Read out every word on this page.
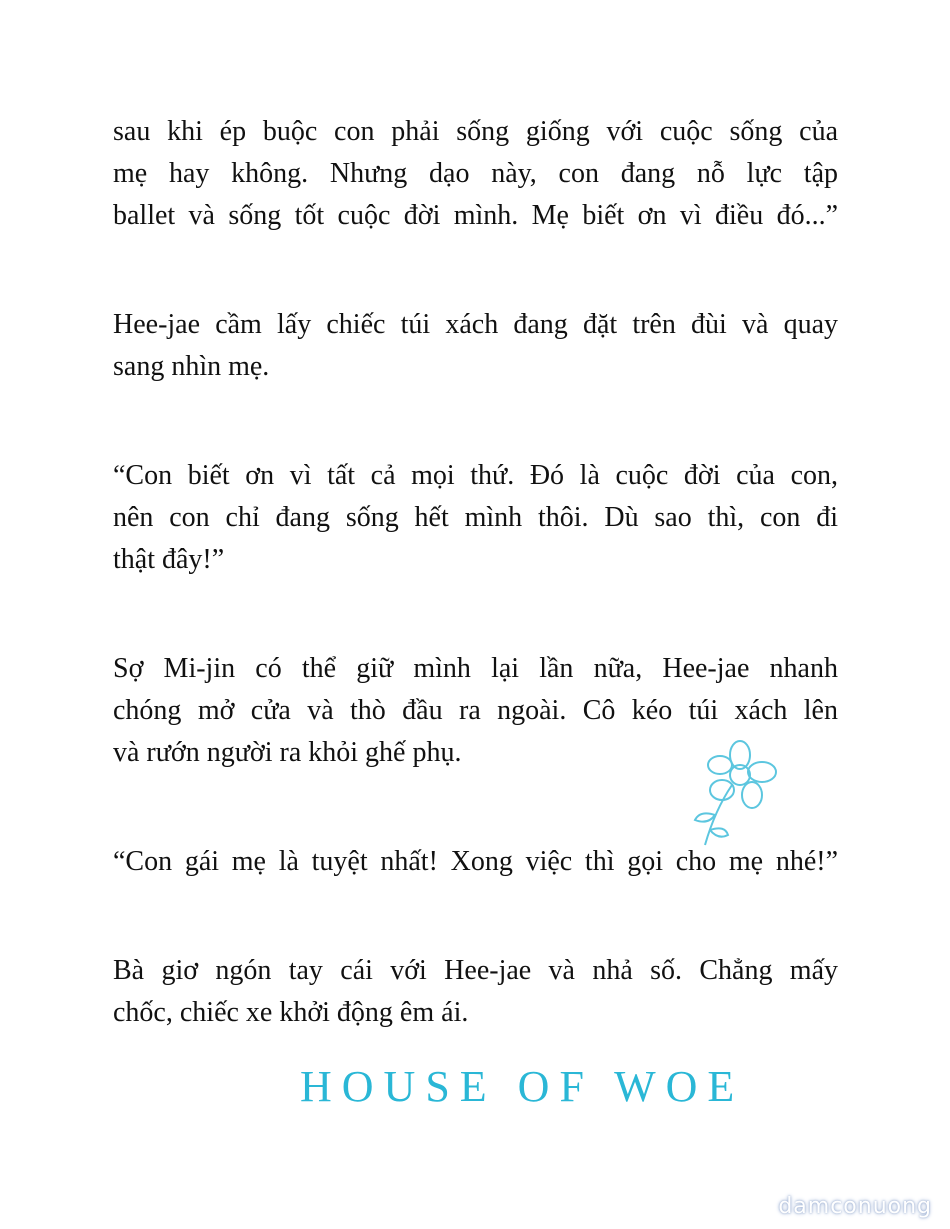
sau khi ép buộc con phải sống giống với cuộc sống của
mẹ hay không. Nhưng dạo này, con đang nỗ lực tập
ballet và sống tốt cuộc đời mình. Mẹ biết ơn vì điều đó...”
Hee-jae cầm lấy chiếc túi xách đang đặt trên đùi và quay
sang nhìn mẹ.
“Con biết ơn vì tất cả mọi thứ. Đó là cuộc đời của con,
nên con chỉ đang sống hết mình thôi. Dù sao thì, con đi
thật đây!”
Sợ Mi-jin có thể giữ mình lại lần nữa, Hee-jae nhanh
chóng mở cửa và thò đầu ra ngoài. Cô kéo túi xách lên
và rướn người ra khỏi ghế phụ.
“Con gái mẹ là tuyệt nhất! Xong việc thì gọi cho mẹ nhé!”
Bà giơ ngón tay cái với Hee-jae và nhả số. Chẳng mấy
chốc, chiếc xe khởi động êm ái.
HOUSE OF WOE
damconuong
